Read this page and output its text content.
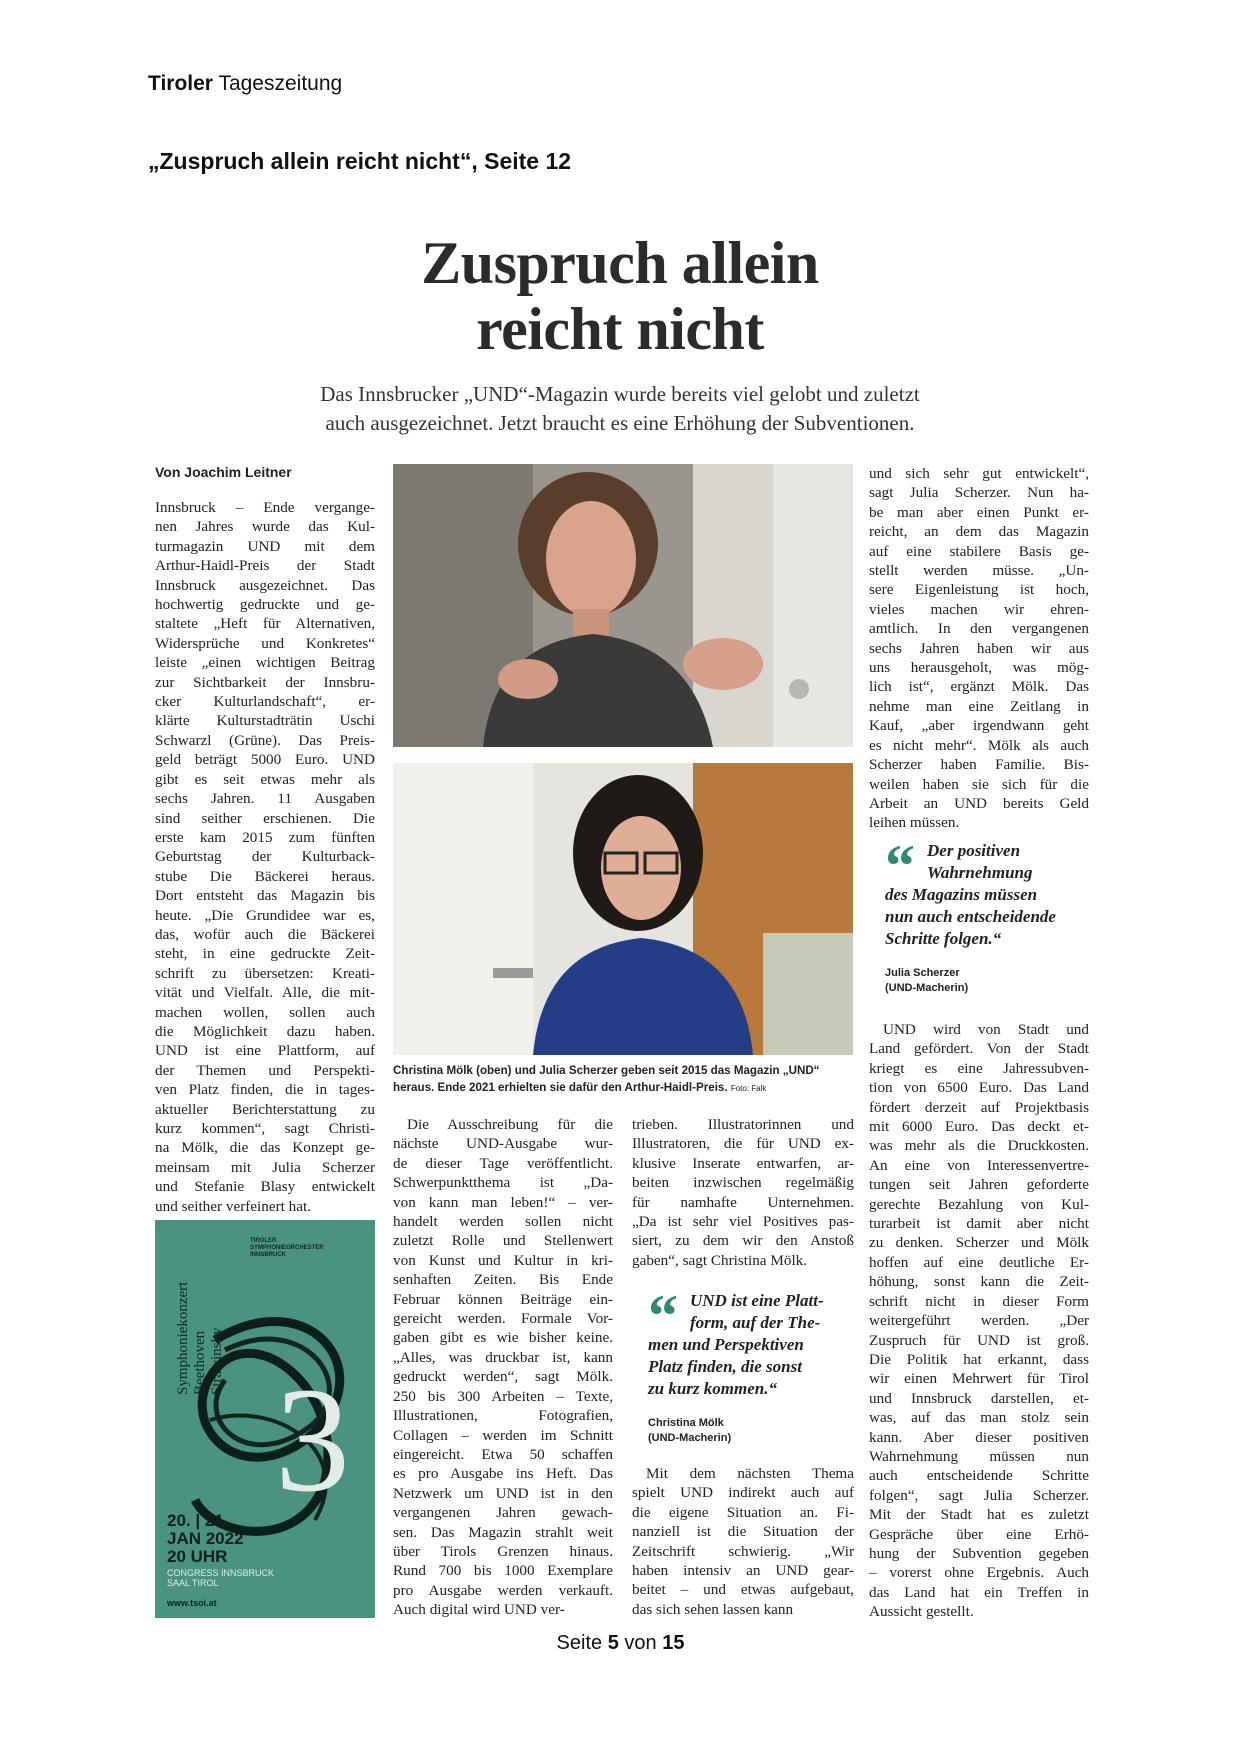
Tiroler Tageszeitung
„Zuspruch allein reicht nicht“, Seite 12
Zuspruch allein
reicht nicht
Das Innsbrucker „UND“-Magazin wurde bereits viel gelobt und zuletzt
auch ausgezeichnet. Jetzt braucht es eine Erhöhung der Subventionen.
Von Joachim Leitner
Innsbruck – Ende vergange-
nen Jahres wurde das Kul-
turmagazin UND mit dem
Arthur-Haidl-Preis der Stadt
Innsbruck ausgezeichnet. Das
hochwertig gedruckte und ge-
staltete „Heft für Alternativen,
Widersprüche und Konkretes“
leiste „einen wichtigen Beitrag
zur Sichtbarkeit der Innsbru-
cker Kulturlandschaft“, er-
klärte Kulturstadträtin Uschi
Schwarzl (Grüne). Das Preis-
geld beträgt 5000 Euro. UND
gibt es seit etwas mehr als
sechs Jahren. 11 Ausgaben
sind seither erschienen. Die
erste kam 2015 zum fünften
Geburtstag der Kulturback-
stube Die Bäckerei heraus.
Dort entsteht das Magazin bis
heute. „Die Grundidee war es,
das, wofür auch die Bäckerei
steht, in eine gedruckte Zeit-
schrift zu übersetzen: Kreati-
vität und Vielfalt. Alle, die mit-
machen wollen, sollen auch
die Möglichkeit dazu haben.
UND ist eine Plattform, auf
der Themen und Perspekti-
ven Platz finden, die in tages-
aktueller Berichterstattung zu
kurz kommen“, sagt Christi-
na Mölk, die das Konzept ge-
meinsam mit Julia Scherzer
und Stefanie Blasy entwickelt
und seither verfeinert hat.
Christina Mölk (oben) und Julia Scherzer geben seit 2015 das Magazin „UND“ heraus. Ende 2021 erhielten sie dafür den Arthur-Haidl-Preis. Foto: Falk
Die Ausschreibung für die
nächste UND-Ausgabe wur-
de dieser Tage veröffentlicht.
Schwerpunktthema ist „Da-
von kann man leben!“ – ver-
handelt werden sollen nicht
zuletzt Rolle und Stellenwert
von Kunst und Kultur in kri-
senhaften Zeiten. Bis Ende
Februar können Beiträge ein-
gereicht werden. Formale Vor-
gaben gibt es wie bisher keine.
„Alles, was druckbar ist, kann
gedruckt werden“, sagt Mölk.
250 bis 300 Arbeiten – Texte,
Illustrationen, Fotografien,
Collagen – werden im Schnitt
eingereicht. Etwa 50 schaffen
es pro Ausgabe ins Heft. Das
Netzwerk um UND ist in den
vergangenen Jahren gewach-
sen. Das Magazin strahlt weit
über Tirols Grenzen hinaus.
Rund 700 bis 1000 Exemplare
pro Ausgabe werden verkauft.
Auch digital wird UND ver-
trieben. Illustratorinnen und
Illustratoren, die für UND ex-
klusive Inserate entwarfen, ar-
beiten inzwischen regelmäßig
für namhafte Unternehmen.
„Da ist sehr viel Positives pas-
siert, zu dem wir den Anstoß
gaben“, sagt Christina Mölk.
“ UND ist eine Platt-
form, auf der The-
men und Perspektiven
Platz finden, die sonst
zu kurz kommen.“
Christina Mölk
(UND-Macherin)
Mit dem nächsten Thema
spielt UND indirekt auch auf
die eigene Situation an. Fi-
nanziell ist die Situation der
Zeitschrift schwierig. „Wir
haben intensiv an UND gear-
beitet – und etwas aufgebaut,
das sich sehen lassen kann
und sich sehr gut entwickelt“,
sagt Julia Scherzer. Nun ha-
be man aber einen Punkt er-
reicht, an dem das Magazin
auf eine stabilere Basis ge-
stellt werden müsse. „Un-
sere Eigenleistung ist hoch,
vieles machen wir ehren-
amtlich. In den vergangenen
sechs Jahren haben wir aus
uns herausgeholt, was mög-
lich ist“, ergänzt Mölk. Das
nehme man eine Zeitlang in
Kauf, „aber irgendwann geht
es nicht mehr“. Mölk als auch
Scherzer haben Familie. Bis-
weilen haben sie sich für die
Arbeit an UND bereits Geld
leihen müssen.
“ Der positiven
Wahrnehmung
des Magazins müssen
nun auch entscheidende
Schritte folgen.“
Julia Scherzer
(UND-Macherin)
UND wird von Stadt und
Land gefördert. Von der Stadt
kriegt es eine Jahressubven-
tion von 6500 Euro. Das Land
fördert derzeit auf Projektbasis
mit 6000 Euro. Das deckt et-
was mehr als die Druckkosten.
An eine von Interessenvertre-
tungen seit Jahren geforderte
gerechte Bezahlung von Kul-
turarbeit ist damit aber nicht
zu denken. Scherzer und Mölk
hoffen auf eine deutliche Er-
höhung, sonst kann die Zeit-
schrift nicht in dieser Form
weitergeführt werden. „Der
Zuspruch für UND ist groß.
Die Politik hat erkannt, dass
wir einen Mehrwert für Tirol
und Innsbruck darstellen, et-
was, auf das man stolz sein
kann. Aber dieser positiven
Wahrnehmung müssen nun
auch entscheidende Schritte
folgen“, sagt Julia Scherzer.
Mit der Stadt hat es zuletzt
Gespräche über eine Erhö-
hung der Subvention gegeben
– vorerst ohne Ergebnis. Auch
das Land hat ein Treffen in
Aussicht gestellt.
TIROLER
SYMPHONIEORCHESTER
INNSBRUCK
Symphoniekonzert Beethoven Strawinsky 3
20. | 21.
JAN 2022
20 UHR
CONGRESS INNSBRUCK
SAAL TIROL
www.tsoi.at
Seite 5 von 15
